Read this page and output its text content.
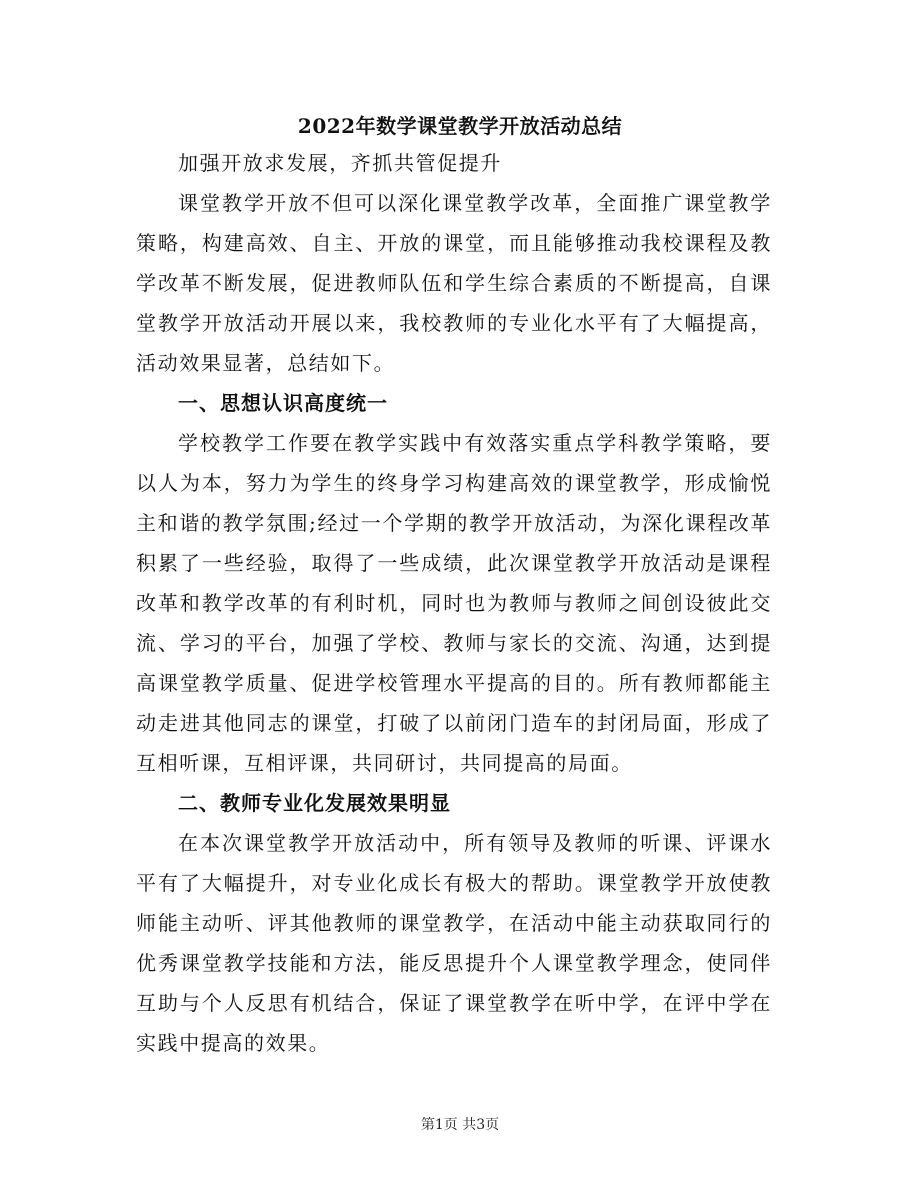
2022年数学课堂教学开放活动总结

加强开放求发展，齐抓共管促提升

课堂教学开放不但可以深化课堂教学改革，全面推广课堂教学策略，构建高效、自主、开放的课堂，而且能够推动我校课程及教学改革不断发展，促进教师队伍和学生综合素质的不断提高，自课堂教学开放活动开展以来，我校教师的专业化水平有了大幅提高，活动效果显著，总结如下。

一、思想认识高度统一

学校教学工作要在教学实践中有效落实重点学科教学策略，要以人为本，努力为学生的终身学习构建高效的课堂教学，形成愉悦主和谐的教学氛围;经过一个学期的教学开放活动，为深化课程改革积累了一些经验，取得了一些成绩，此次课堂教学开放活动是课程改革和教学改革的有利时机，同时也为教师与教师之间创设彼此交流、学习的平台，加强了学校、教师与家长的交流、沟通，达到提高课堂教学质量、促进学校管理水平提高的目的。所有教师都能主动走进其他同志的课堂，打破了以前闭门造车的封闭局面，形成了互相听课，互相评课，共同研讨，共同提高的局面。

二、教师专业化发展效果明显

在本次课堂教学开放活动中，所有领导及教师的听课、评课水平有了大幅提升，对专业化成长有极大的帮助。课堂教学开放使教师能主动听、评其他教师的课堂教学，在活动中能主动获取同行的优秀课堂教学技能和方法，能反思提升个人课堂教学理念，使同伴互助与个人反思有机结合，保证了课堂教学在听中学，在评中学在实践中提高的效果。

第1页 共3页
